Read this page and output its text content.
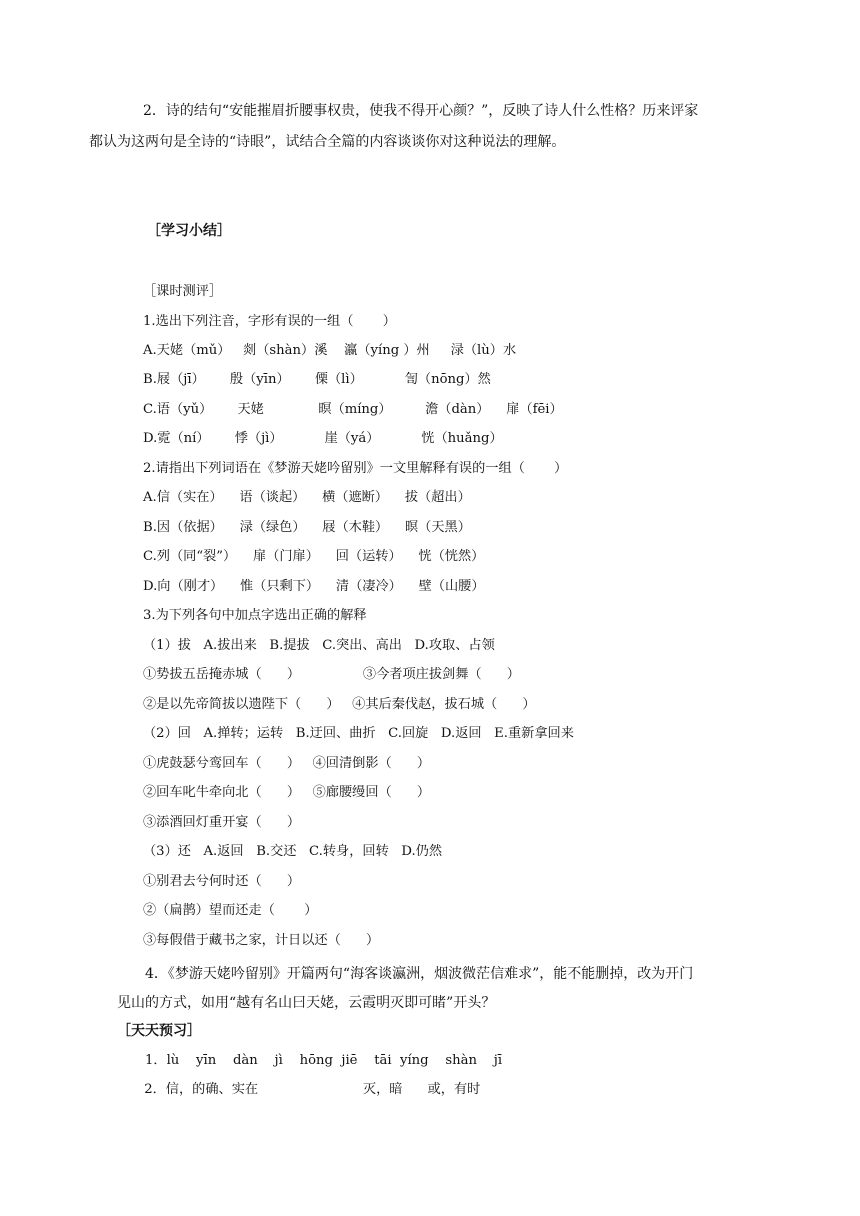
2．诗的结句“安能摧眉折腰事权贵，使我不得开心颜？”，反映了诗人什么性格？历来评家
都认为这两句是全诗的“诗眼”，试结合全篇的内容谈谈你对这种说法的理解。
［学习小结］
［课时测评］
1.选出下列注音，字形有误的一组（       ）
A.天姥（mǔ）   剡（shàn）溪    瀛（yíng ）州     渌（lù）水
B.屐（jī）      殷（yīn）      傈（lì）          訇（nōng）然
C.语（yǔ）      天姥             暝（míng）        澹（dàn）    扉（fēi）
D.霓（ní）      悸（jì）          崖（yá）          恍（huǎng）
2.请指出下列词语在《梦游天姥吟留别》一文里解释有误的一组（       ）
A.信（实在）    语（谈起）    横（遮断）    拔（超出）
B.因（依据）    渌（绿色）    屐（木鞋）    暝（天黑）
C.列（同“裂”）    扉（门扉）    回（运转）    恍（恍然）
D.向（刚才）    惟（只剩下）    清（凄冷）    壁（山腰）
3.为下列各句中加点字选出正确的解释
（1）拔   A.拔出来   B.提拔   C.突出、高出   D.攻取、占领
①势拔五岳掩赤城（      ）               ③今者项庄拔剑舞（      ）
②是以先帝简拔以遗陛下（      ）   ④其后秦伐赵，拔石城（      ）
（2）回   A.掸转；运转   B.迂回、曲折   C.回旋   D.返回   E.重新拿回来
①虎鼓瑟兮鸾回车（      ）   ④回清倒影（      ）
②回车叱牛牵向北（      ）   ⑤廊腰缦回（      ）
③添酒回灯重开宴（      ）
（3）还   A.返回   B.交还   C.转身，回转   D.仍然
①别君去兮何时还（      ）
②（扁鹊）望而还走（       ）
③每假借于藏书之家，计日以还（      ）
4．《梦游天姥吟留别》开篇两句“海客谈瀛洲，烟波微茫信难求”，能不能删掉，改为开门
见山的方式，如用“越有名山曰天姥，云霞明灭即可睹”开头？
［天天预习］
1．lù    yīn    dàn    jì    hōng  jiē    tāi  yíng    shàn    jī
2．信，的确、实在                         灭，暗      或，有时
